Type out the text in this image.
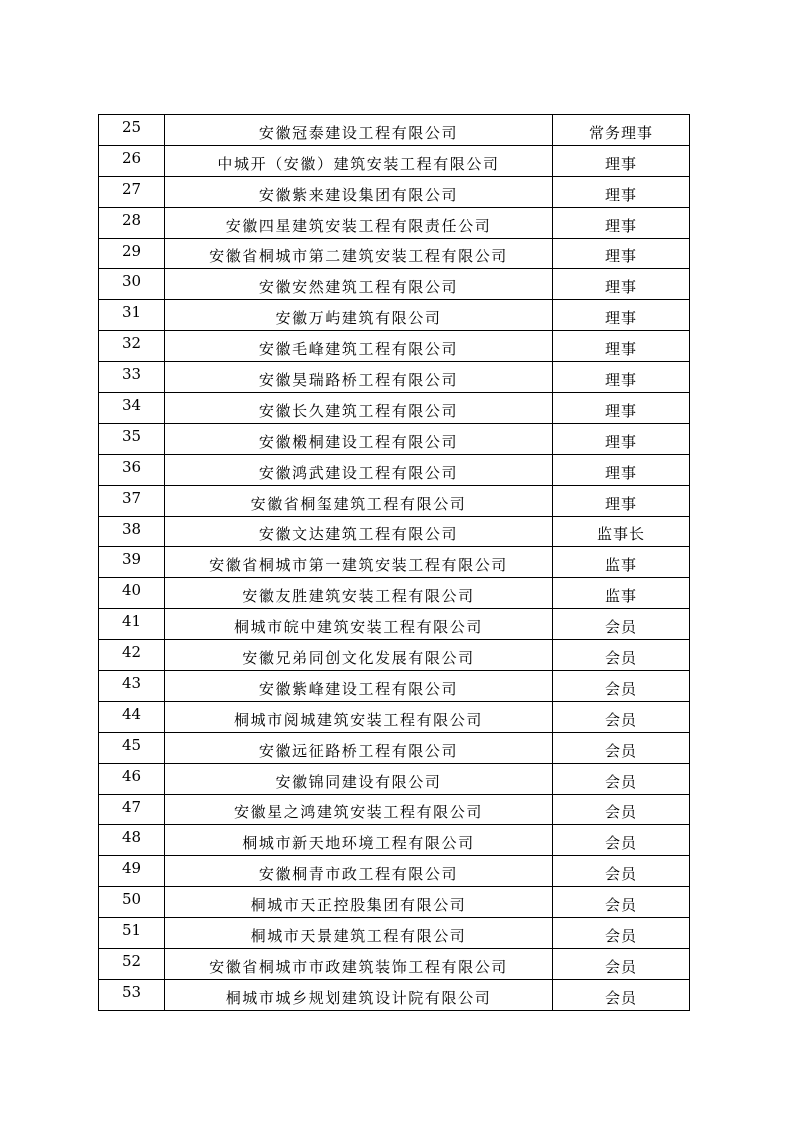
25	安徽冠泰建设工程有限公司	常务理事
26	中城开（安徽）建筑安装工程有限公司	理事
27	安徽紫来建设集团有限公司	理事
28	安徽四星建筑安装工程有限责任公司	理事
29	安徽省桐城市第二建筑安装工程有限公司	理事
30	安徽安然建筑工程有限公司	理事
31	安徽万屿建筑有限公司	理事
32	安徽毛峰建筑工程有限公司	理事
33	安徽昊瑞路桥工程有限公司	理事
34	安徽长久建筑工程有限公司	理事
35	安徽樧桐建设工程有限公司	理事
36	安徽鸿武建设工程有限公司	理事
37	安徽省桐玺建筑工程有限公司	理事
38	安徽文达建筑工程有限公司	监事长
39	安徽省桐城市第一建筑安装工程有限公司	监事
40	安徽友胜建筑安装工程有限公司	监事
41	桐城市皖中建筑安装工程有限公司	会员
42	安徽兄弟同创文化发展有限公司	会员
43	安徽紫峰建设工程有限公司	会员
44	桐城市阅城建筑安装工程有限公司	会员
45	安徽远征路桥工程有限公司	会员
46	安徽锦同建设有限公司	会员
47	安徽星之鸿建筑安装工程有限公司	会员
48	桐城市新天地环境工程有限公司	会员
49	安徽桐青市政工程有限公司	会员
50	桐城市天正控股集团有限公司	会员
51	桐城市天景建筑工程有限公司	会员
52	安徽省桐城市市政建筑装饰工程有限公司	会员
53	桐城市城乡规划建筑设计院有限公司	会员
